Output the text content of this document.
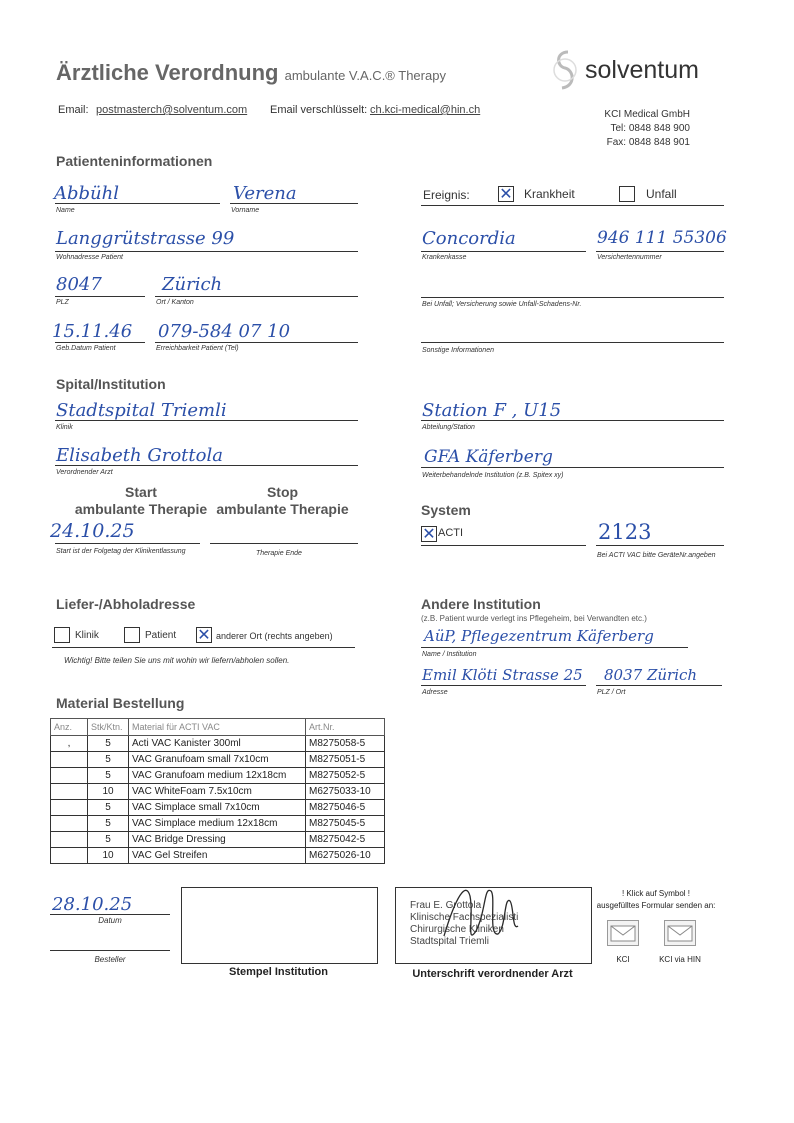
Ärztliche Verordnung ambulante V.A.C.® Therapy	solventum
Email: postmasterch@solventum.com Email verschlüsselt: ch.kci-medical@hin.ch	KCI Medical GmbH
Tel: 0848 848 900
Fax: 0848 848 901
Patienteninformationen
Abbühl
Name
Verena
Vorname
Langgrütstrasse 99
Wohnadresse Patient
8047
PLZ
Zürich
Ort / Kanton
15.11.46
Geb.Datum Patient
079-584 07 10
Erreichbarkeit Patient (Tel)
Ereignis: ✕ Krankheit	Unfall
Concordia
Krankenkasse
946 111 55306
Versichertennummer
Bei Unfall; Versicherung sowie Unfall-Schadens-Nr.
Sonstige Informationen
Spital/Institution
Stadtspital Triemli
Klinik
Station F , U15
Abteilung/Station
Elisabeth Grottola
Verordnender Arzt
GFA Käferberg
Weiterbehandelnde Institution (z.B. Spitex xy)
Start
ambulante Therapie
Stop
ambulante Therapie
24.10.25
Start ist der Folgetag der Klinikentlassung	Therapie Ende
System
✕ ACTI	2123
Bei ACTI VAC bitte GeräteNr.angeben
Liefer-/Abholadresse
Klinik	Patient ✕ anderer Ort (rechts angeben)
Wichtig! Bitte teilen Sie uns mit wohin wir liefern/abholen sollen.
Andere Institution
(z.B. Patient wurde verlegt ins Pflegeheim, bei Verwandten etc.)
AüP, Pflegezentrum Käferberg
Name / Institution
Emil Klöti Strasse 25
Adresse
8037 Zürich
PLZ / Ort
Material Bestellung
Anz.	Stk/Ktn.	Material für ACTI VAC	Art.Nr.
,	5	Acti VAC Kanister 300ml	M8275058-5
	5	VAC Granufoam small 7x10cm	M8275051-5
	5	VAC Granufoam medium 12x18cm	M8275052-5
	10	VAC WhiteFoam 7.5x10cm	M6275033-10
	5	VAC Simplace small 7x10cm	M8275046-5
	5	VAC Simplace medium 12x18cm	M8275045-5
	5	VAC Bridge Dressing	M8275042-5
	10	VAC Gel Streifen	M6275026-10
28.10.25
Datum
Besteller
Stempel Institution
Frau E. Grottola
Klinische Fachspezialisti
Chirurgische Kliniken
Stadtspital Triemli
Unterschrift verordnender Arzt
! Klick auf Symbol !
ausgefülltes Formular senden an:
KCI	KCI via HIN
